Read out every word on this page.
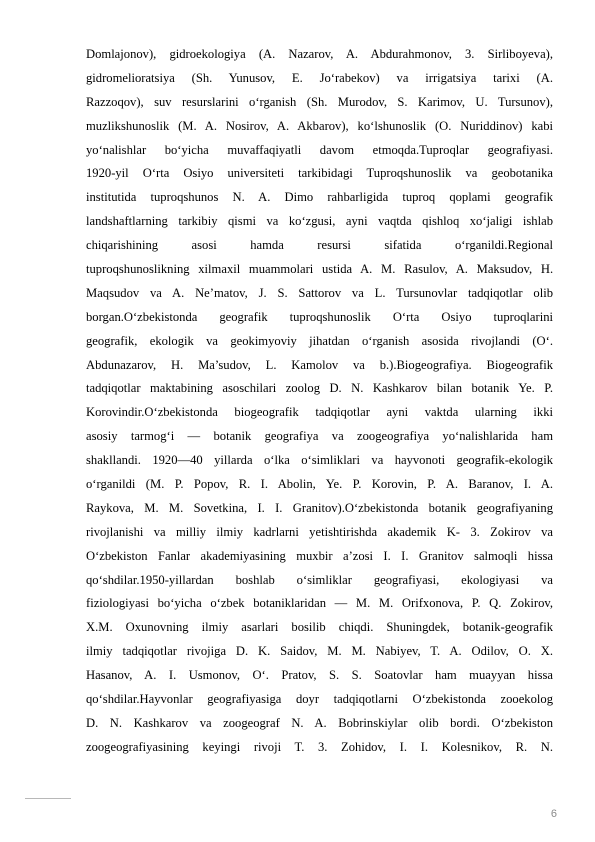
Domlajonov), gidroekologiya (A. Nazarov, A. Abdurahmonov, 3. Sirliboyeva),
gidromelioratsiya (Sh. Yunusov, E. Jo‘rabekov) va irrigatsiya tarixi (A.
Razzoqov), suv resurslarini o‘rganish (Sh. Murodov, S. Karimov, U. Tursunov),
muzlikshunoslik (M. A. Nosirov, A. Akbarov), ko‘lshunoslik (O. Nuriddinov) kabi
yo‘nalishlar bo‘yicha muvaffaqiyatli davom etmoqda.Tuproqlar geografiyasi.
1920-yil O‘rta Osiyo universiteti tarkibidagi Tuproqshunoslik va geobotanika
institutida tuproqshunos N. A. Dimo rahbarligida tuproq qoplami geografik
landshaftlarning tarkibiy qismi va ko‘zgusi, ayni vaqtda qishloq xo‘jaligi ishlab
chiqarishining asosi hamda resursi sifatida o‘rganildi.Regional
tuproqshunoslikning xilmaxil muammolari ustida A. M. Rasulov, A. Maksudov, H.
Maqsudov va A. Ne’matov, J. S. Sattorov va L. Tursunovlar tadqiqotlar olib
borgan.O‘zbekistonda geografik tuproqshunoslik O‘rta Osiyo tuproqlarini
geografik, ekologik va geokimyoviy jihatdan o‘rganish asosida rivojlandi (O‘.
Abdunazarov, H. Ma’sudov, L. Kamolov va b.).Biogeografiya. Biogeografik
tadqiqotlar maktabining asoschilari zoolog D. N. Kashkarov bilan botanik Ye. P.
Korovindir.O‘zbekistonda biogeografik tadqiqotlar ayni vaktda ularning ikki
asosiy tarmog‘i — botanik geografiya va zoogeografiya yo‘nalishlarida ham
shakllandi. 1920—40 yillarda o‘lka o‘simliklari va hayvonoti geografik-ekologik
o‘rganildi (M. P. Popov, R. I. Abolin, Ye. P. Korovin, P. A. Baranov, I. A.
Raykova, M. M. Sovetkina, I. I. Granitov).O‘zbekistonda botanik geografiyaning
rivojlanishi va milliy ilmiy kadrlarni yetishtirishda akademik K- 3. Zokirov va
O‘zbekiston Fanlar akademiyasining muxbir a’zosi I. I. Granitov salmoqli hissa
qo‘shdilar.1950-yillardan boshlab o‘simliklar geografiyasi, ekologiyasi va
fiziologiyasi bo‘yicha o‘zbek botaniklaridan — M. M. Orifxonova, P. Q. Zokirov,
X.M. Oxunovning ilmiy asarlari bosilib chiqdi. Shuningdek, botanik-geografik
ilmiy tadqiqotlar rivojiga D. K. Saidov, M. M. Nabiyev, T. A. Odilov, O. X.
Hasanov, A. I. Usmonov, O‘. Pratov, S. S. Soatovlar ham muayyan hissa
qo‘shdilar.Hayvonlar geografiyasiga doyr tadqiqotlarni O‘zbekistonda zooekolog
D. N. Kashkarov va zoogeograf N. A. Bobrinskiylar olib bordi. O‘zbekiston
zoogeografiyasining keyingi rivoji T. 3. Zohidov, I. I. Kolesnikov, R. N.
6
